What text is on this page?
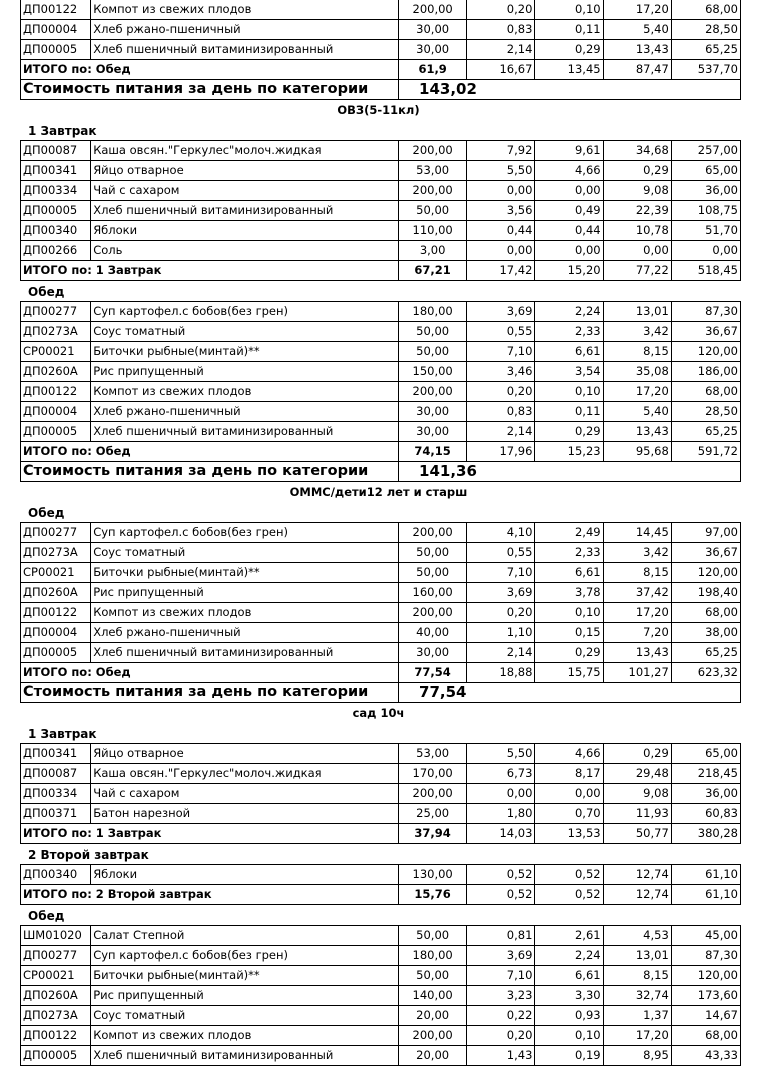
ДП00122	Компот из свежих плодов	200,00	0,20	0,10	17,20	68,00
ДП00004	Хлеб ржано-пшеничный	30,00	0,83	0,11	5,40	28,50
ДП00005	Хлеб пшеничный витаминизированный	30,00	2,14	0,29	13,43	65,25
ИТОГО по: Обед		61,9	16,67	13,45	87,47	537,70
Стоимость питания за день по категории		143,02				
ОВЗ(5-11кл)
1 Завтрак
ДП00087	Каша овсян."Геркулес"молоч.жидкая	200,00	7,92	9,61	34,68	257,00
ДП00341	Яйцо отварное	53,00	5,50	4,66	0,29	65,00
ДП00334	Чай с сахаром	200,00	0,00	0,00	9,08	36,00
ДП00005	Хлеб пшеничный витаминизированный	50,00	3,56	0,49	22,39	108,75
ДП00340	Яблоки	110,00	0,44	0,44	10,78	51,70
ДП00266	Соль	3,00	0,00	0,00	0,00	0,00
ИТОГО по: 1 Завтрак		67,21	17,42	15,20	77,22	518,45
Обед
ДП00277	Суп картофел.с бобов(без грен)	180,00	3,69	2,24	13,01	87,30
ДП0273А	Соус томатный	50,00	0,55	2,33	3,42	36,67
СР00021	Биточки рыбные(минтай)**	50,00	7,10	6,61	8,15	120,00
ДП0260А	Рис припущенный	150,00	3,46	3,54	35,08	186,00
ДП00122	Компот из свежих плодов	200,00	0,20	0,10	17,20	68,00
ДП00004	Хлеб ржано-пшеничный	30,00	0,83	0,11	5,40	28,50
ДП00005	Хлеб пшеничный витаминизированный	30,00	2,14	0,29	13,43	65,25
ИТОГО по: Обед		74,15	17,96	15,23	95,68	591,72
Стоимость питания за день по категории		141,36				
ОММС/дети12 лет и старш
Обед
ДП00277	Суп картофел.с бобов(без грен)	200,00	4,10	2,49	14,45	97,00
ДП0273А	Соус томатный	50,00	0,55	2,33	3,42	36,67
СР00021	Биточки рыбные(минтай)**	50,00	7,10	6,61	8,15	120,00
ДП0260А	Рис припущенный	160,00	3,69	3,78	37,42	198,40
ДП00122	Компот из свежих плодов	200,00	0,20	0,10	17,20	68,00
ДП00004	Хлеб ржано-пшеничный	40,00	1,10	0,15	7,20	38,00
ДП00005	Хлеб пшеничный витаминизированный	30,00	2,14	0,29	13,43	65,25
ИТОГО по: Обед		77,54	18,88	15,75	101,27	623,32
Стоимость питания за день по категории		77,54				
сад 10ч
1 Завтрак
ДП00341	Яйцо отварное	53,00	5,50	4,66	0,29	65,00
ДП00087	Каша овсян."Геркулес"молоч.жидкая	170,00	6,73	8,17	29,48	218,45
ДП00334	Чай с сахаром	200,00	0,00	0,00	9,08	36,00
ДП00371	Батон нарезной	25,00	1,80	0,70	11,93	60,83
ИТОГО по: 1 Завтрак		37,94	14,03	13,53	50,77	380,28
2 Второй завтрак
ДП00340	Яблоки	130,00	0,52	0,52	12,74	61,10
ИТОГО по: 2 Второй завтрак		15,76	0,52	0,52	12,74	61,10
Обед
ШМ01020	Салат Степной	50,00	0,81	2,61	4,53	45,00
ДП00277	Суп картофел.с бобов(без грен)	180,00	3,69	2,24	13,01	87,30
СР00021	Биточки рыбные(минтай)**	50,00	7,10	6,61	8,15	120,00
ДП0260А	Рис припущенный	140,00	3,23	3,30	32,74	173,60
ДП0273А	Соус томатный	20,00	0,22	0,93	1,37	14,67
ДП00122	Компот из свежих плодов	200,00	0,20	0,10	17,20	68,00
ДП00005	Хлеб пшеничный витаминизированный	20,00	1,43	0,19	8,95	43,33
